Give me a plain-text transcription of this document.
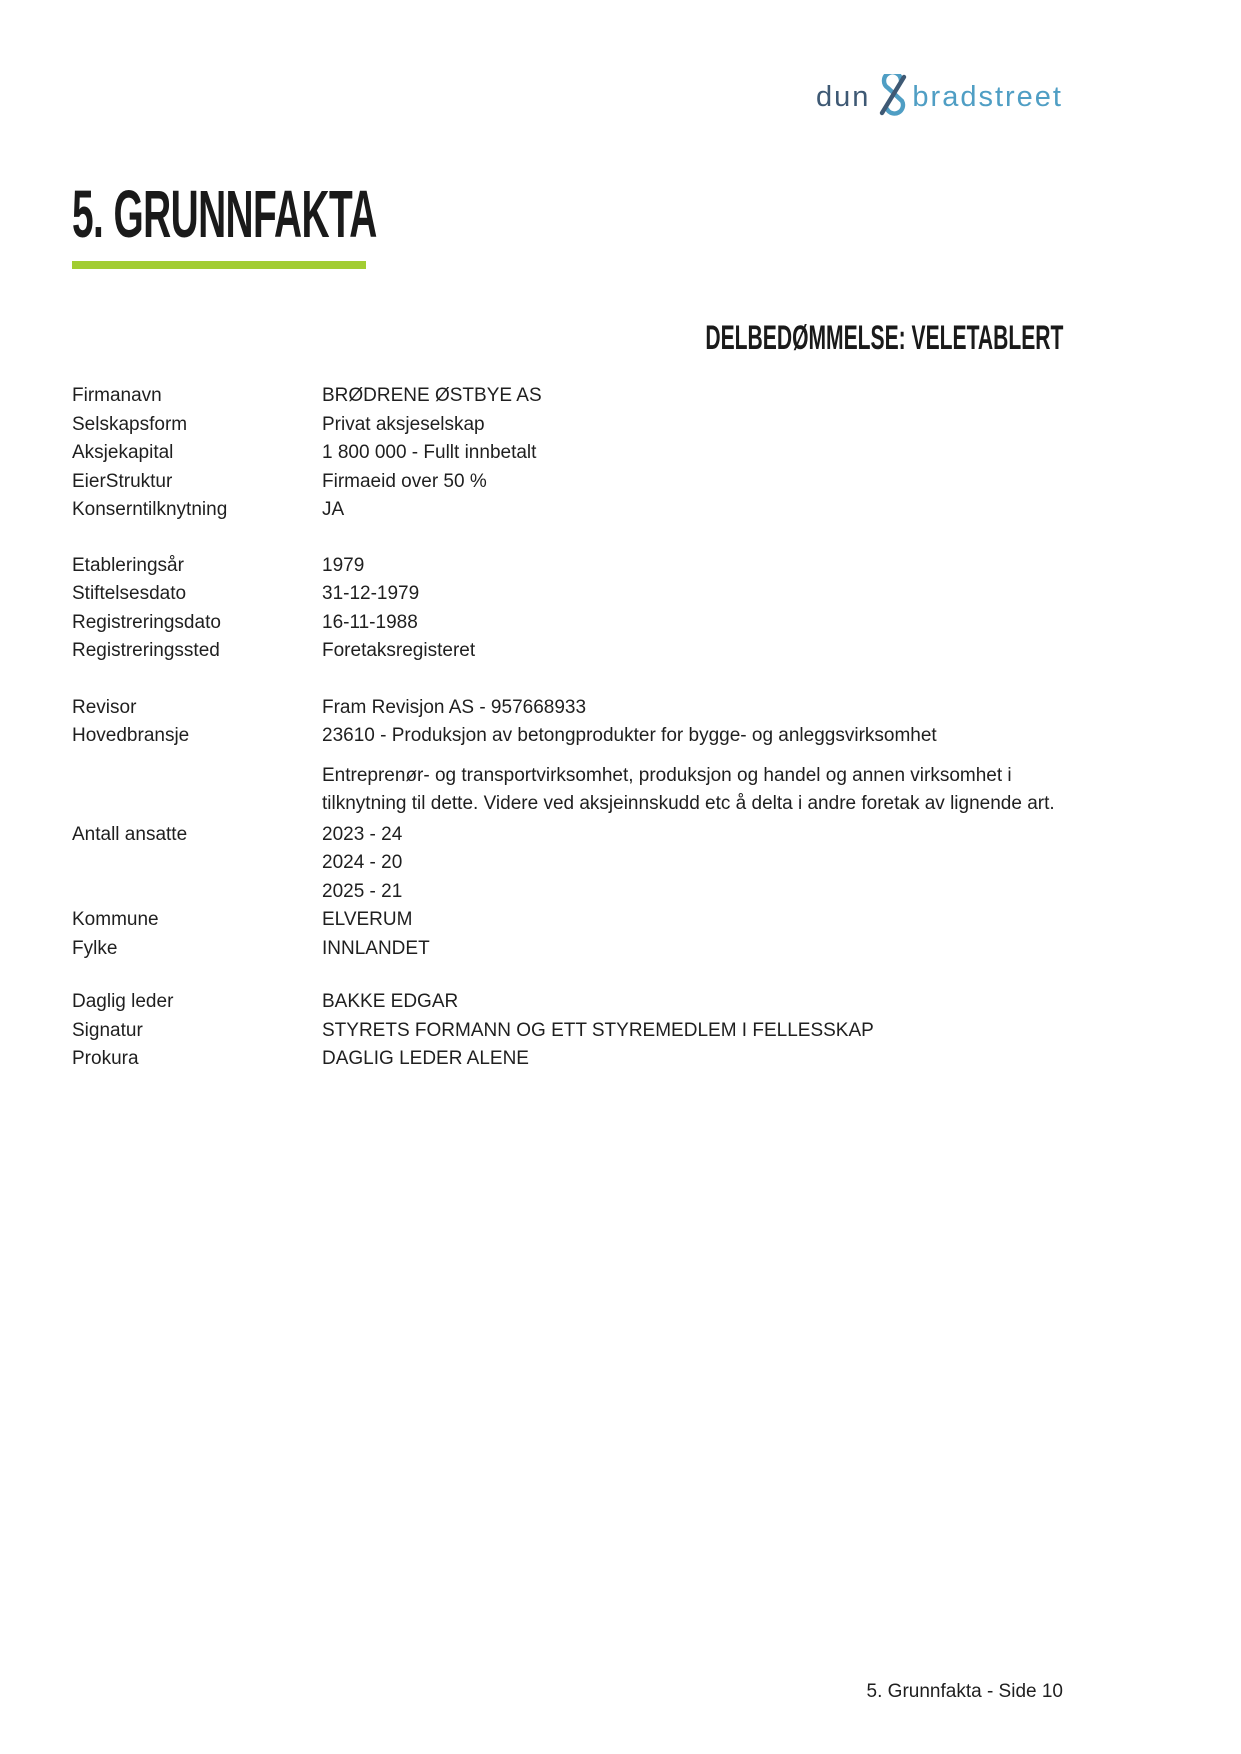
dun bradstreet
5. GRUNNFAKTA
DELBEDØMMELSE: VELETABLERT
Firmanavn	BRØDRENE ØSTBYE AS
Selskapsform	Privat aksjeselskap
Aksjekapital	1 800 000 - Fullt innbetalt
EierStruktur	Firmaeid over 50 %
Konserntilknytning	JA
Etableringsår	1979
Stiftelsesdato	31-12-1979
Registreringsdato	16-11-1988
Registreringssted	Foretaksregisteret
Revisor	Fram Revisjon AS - 957668933
Hovedbransje	23610 - Produksjon av betongprodukter for bygge- og anleggsvirksomhet
Entreprenør- og transportvirksomhet, produksjon og handel og annen virksomhet i
tilknytning til dette. Videre ved aksjeinnskudd etc å delta i andre foretak av lignende art.
Antall ansatte	2023 - 24
2024 - 20
2025 - 21
Kommune	ELVERUM
Fylke	INNLANDET
Daglig leder	BAKKE EDGAR
Signatur	STYRETS FORMANN OG ETT STYREMEDLEM I FELLESSKAP
Prokura	DAGLIG LEDER ALENE
5. Grunnfakta - Side 10
